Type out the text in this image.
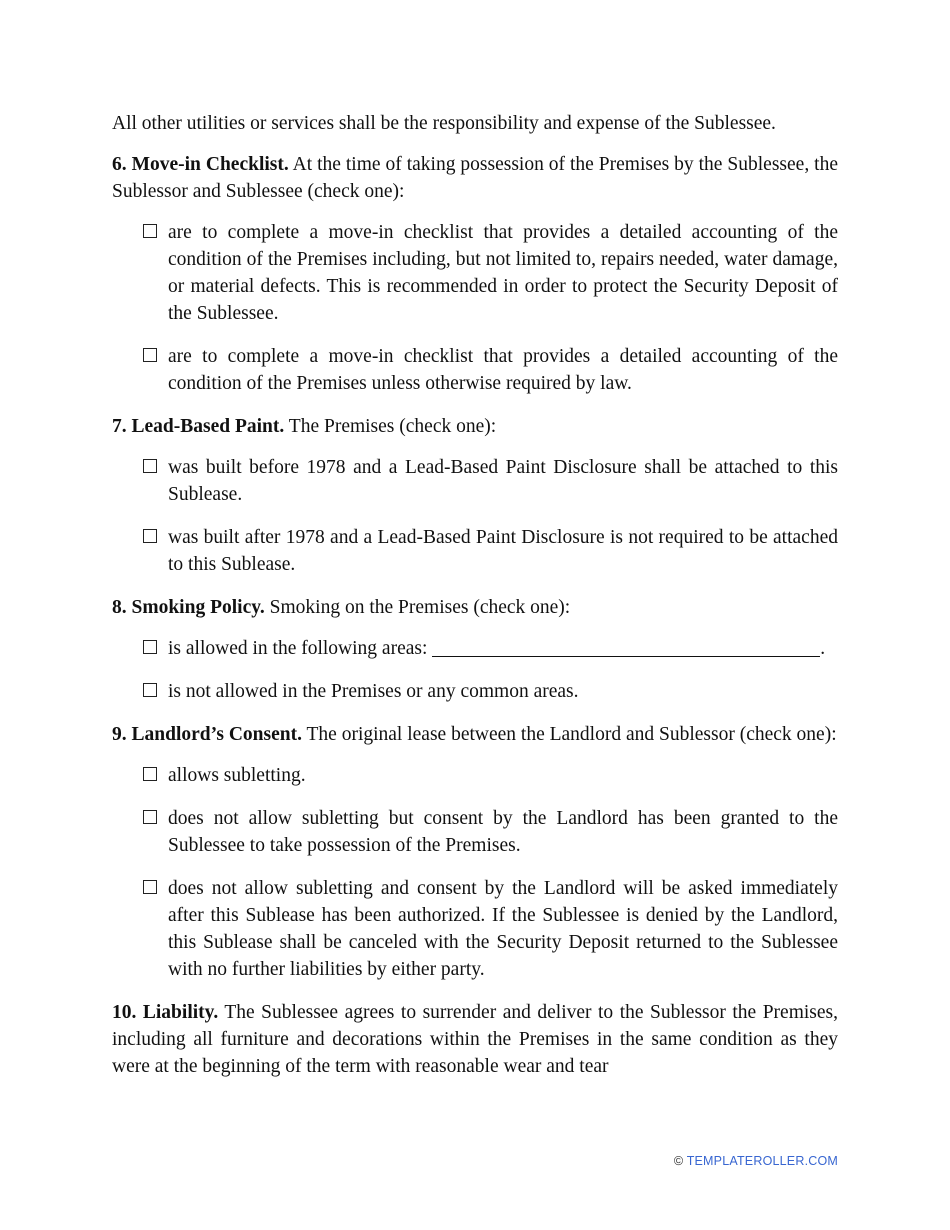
All other utilities or services shall be the responsibility and expense of the Sublessee.

6. Move-in Checklist. At the time of taking possession of the Premises by the Sublessee, the Sublessor and Sublessee (check one):

are to complete a move-in checklist that provides a detailed accounting of the condition of the Premises including, but not limited to, repairs needed, water damage, or material defects. This is recommended in order to protect the Security Deposit of the Sublessee.
are to complete a move-in checklist that provides a detailed accounting of the condition of the Premises unless otherwise required by law.

7. Lead-Based Paint. The Premises (check one):

was built before 1978 and a Lead-Based Paint Disclosure shall be attached to this Sublease.
was built after 1978 and a Lead-Based Paint Disclosure is not required to be attached to this Sublease.

8. Smoking Policy. Smoking on the Premises (check one):

is allowed in the following areas:	.
is not allowed in the Premises or any common areas.

9. Landlord’s Consent. The original lease between the Landlord and Sublessor (check one):

allows subletting.
does not allow subletting but consent by the Landlord has been granted to the Sublessee to take possession of the Premises.
does not allow subletting and consent by the Landlord will be asked immediately after this Sublease has been authorized. If the Sublessee is denied by the Landlord, this Sublease shall be canceled with the Security Deposit returned to the Sublessee with no further liabilities by either party.

10. Liability. The Sublessee agrees to surrender and deliver to the Sublessor the Premises, including all furniture and decorations within the Premises in the same condition as they were at the beginning of the term with reasonable wear and tear

© TEMPLATEROLLER.COM
